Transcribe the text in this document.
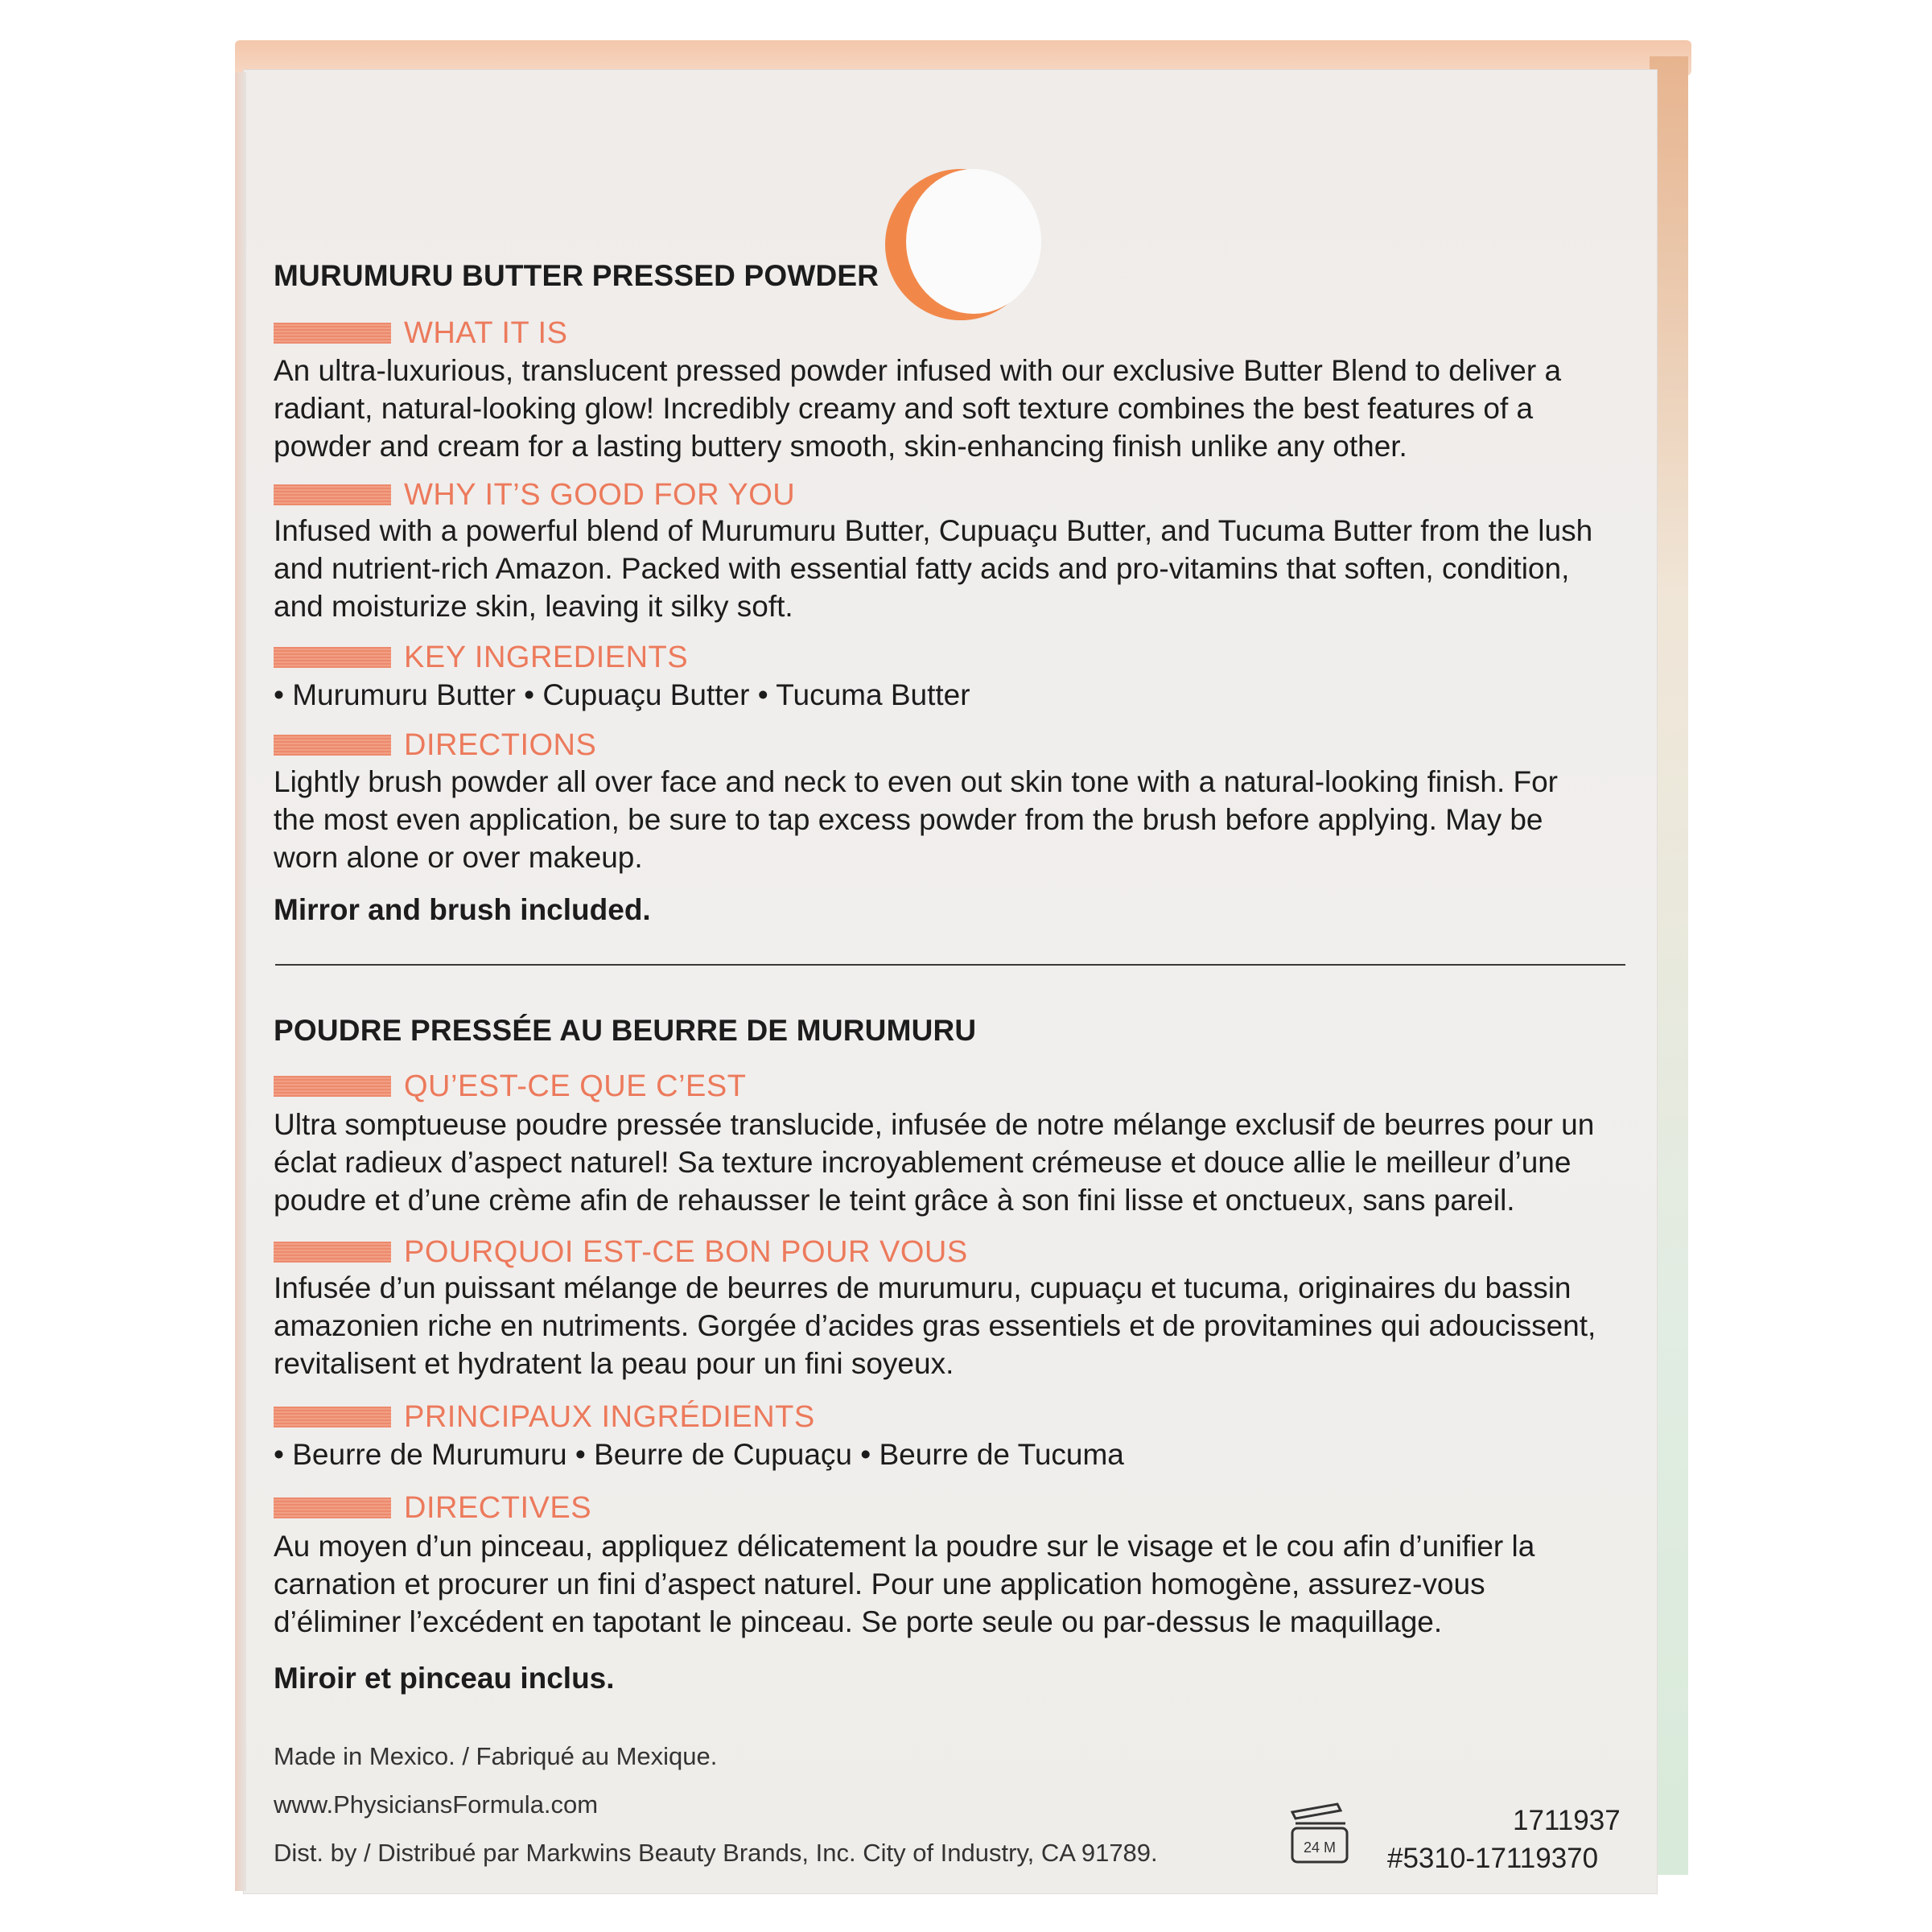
MURUMURU BUTTER PRESSED POWDER
WHAT IT IS
An ultra-luxurious, translucent pressed powder infused with our exclusive Butter Blend to deliver a
radiant, natural-looking glow! Incredibly creamy and soft texture combines the best features of a
powder and cream for a lasting buttery smooth, skin-enhancing finish unlike any other.
WHY IT’S GOOD FOR YOU
Infused with a powerful blend of Murumuru Butter, Cupuaçu Butter, and Tucuma Butter from the lush
and nutrient-rich Amazon. Packed with essential fatty acids and pro-vitamins that soften, condition,
and moisturize skin, leaving it silky soft.
KEY INGREDIENTS
• Murumuru Butter • Cupuaçu Butter • Tucuma Butter
DIRECTIONS
Lightly brush powder all over face and neck to even out skin tone with a natural-looking finish. For
the most even application, be sure to tap excess powder from the brush before applying. May be
worn alone or over makeup.
Mirror and brush included.
POUDRE PRESSÉE AU BEURRE DE MURUMURU
QU’EST-CE QUE C’EST
Ultra somptueuse poudre pressée translucide, infusée de notre mélange exclusif de beurres pour un
éclat radieux d’aspect naturel! Sa texture incroyablement crémeuse et douce allie le meilleur d’une
poudre et d’une crème afin de rehausser le teint grâce à son fini lisse et onctueux, sans pareil.
POURQUOI EST-CE BON POUR VOUS
Infusée d’un puissant mélange de beurres de murumuru, cupuaçu et tucuma, originaires du bassin
amazonien riche en nutriments. Gorgée d’acides gras essentiels et de provitamines qui adoucissent,
revitalisent et hydratent la peau pour un fini soyeux.
PRINCIPAUX INGRÉDIENTS
• Beurre de Murumuru • Beurre de Cupuaçu • Beurre de Tucuma
DIRECTIVES
Au moyen d’un pinceau, appliquez délicatement la poudre sur le visage et le cou afin d’unifier la
carnation et procurer un fini d’aspect naturel. Pour une application homogène, assurez-vous
d’éliminer l’excédent en tapotant le pinceau. Se porte seule ou par-dessus le maquillage.
Miroir et pinceau inclus.
Made in Mexico. / Fabriqué au Mexique.
www.PhysiciansFormula.com
Dist. by / Distribué par Markwins Beauty Brands, Inc. City of Industry, CA 91789.	24 M
1711937
#5310-17119370
